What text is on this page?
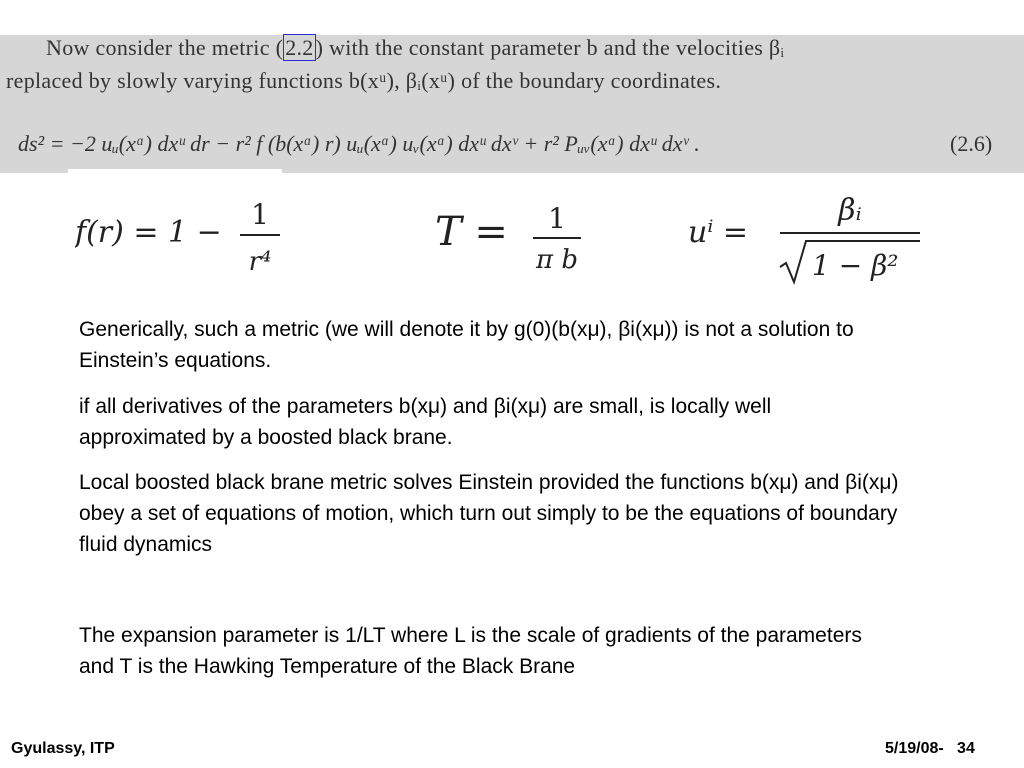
Now consider the metric (2.2) with the constant parameter b and the velocities βᵢ
replaced by slowly varying functions b(xᵘ), βᵢ(xᵘ) of the boundary coordinates.
ds² = −2 uᵤ(xᵅ) dxᵘ dr − r² f (b(xᵅ) r) uᵤ(xᵅ) uᵥ(xᵅ) dxᵘ dxᵛ + r² Pᵤᵥ(xᵅ) dxᵘ dxᵛ .	(2.6)
f(r) = 1 −
1
r⁴
T = 1
π b
uⁱ =
βᵢ
1 − β²
Generically, such a metric (we will denote it by g(0)(b(xμ), βi(xμ)) is not a solution to Einstein’s equations.
if all derivatives of the parameters b(xμ) and βi(xμ) are small, is locally well approximated by a boosted black brane.
Local boosted black brane metric solves Einstein provided the functions b(xμ) and βi(xμ) obey a set of equations of motion, which turn out simply to be the equations of boundary fluid dynamics
The expansion parameter is 1/LT where L is the scale of gradients of the parameters and T is the Hawking Temperature of the Black Brane
Gyulassy, ITP	5/19/08-   34
